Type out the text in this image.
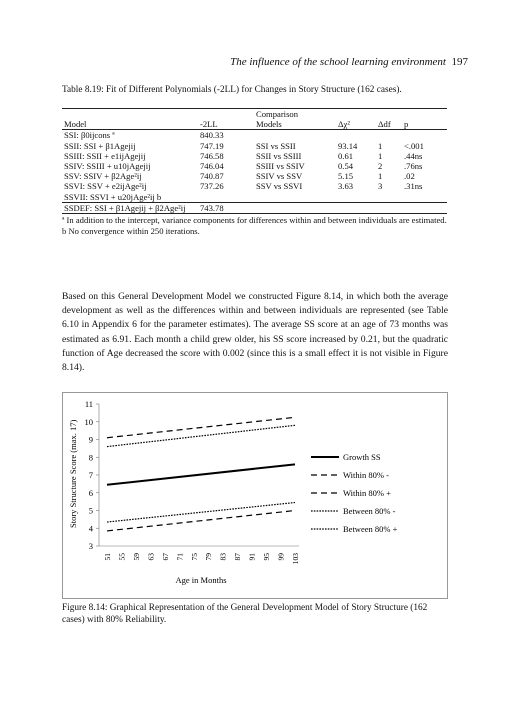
The influence of the school learning environment 197
Table 8.19: Fit of Different Polynomials (-2LL) for Changes in Story Structure (162 cases).
		Comparison			
Model	-2LL	Models	Δχ²	Δdf	p
SSI: β0ijcons ª	840.33				
SSII: SSI + β1Agejij	747.19	SSI vs SSII	93.14	1	<.001
SSIII: SSII + e1ijAgejij	746.58	SSII vs SSIII	0.61	1	.44ns
SSIV: SSIII + u10jAgejij	746.04	SSIII vs SSIV	0.54	2	.76ns
SSV: SSIV + β2Age²ij	740.87	SSIV vs SSV	5.15	1	.02
SSVI: SSV + e2ijAge²ij	737.26	SSV vs SSVI	3.63	3	.31ns
SSVII: SSVI + u20jAge²ij b					
SSDEF: SSI + β1Agejij + β2Age²ij	743.78				
ª In addition to the intercept, variance components for differences within and between individuals are estimated.
b No convergence within 250 iterations.
Based on this General Development Model we constructed Figure 8.14, in which both the average development as well as the differences within and between individuals are represented (see Table 6.10 in Appendix 6 for the parameter estimates). The average SS score at an age of 73 months was estimated as 6.91. Each month a child grew older, his SS score increased by 0.21, but the quadratic function of Age decreased the score with 0.002 (since this is a small effect it is not visible in Figure 8.14).
Story Structure Score (max. 17)
Age in Months
3
4
5
6
7
8
9
10
11
51 55 59 63 67 71 75 79 83 87 91 95 99 103
Growth SS
Within 80% -
Within 80% +
Between 80% -
Between 80% +
Figure 8.14: Graphical Representation of the General Development Model of Story Structure (162 cases) with 80% Reliability.
